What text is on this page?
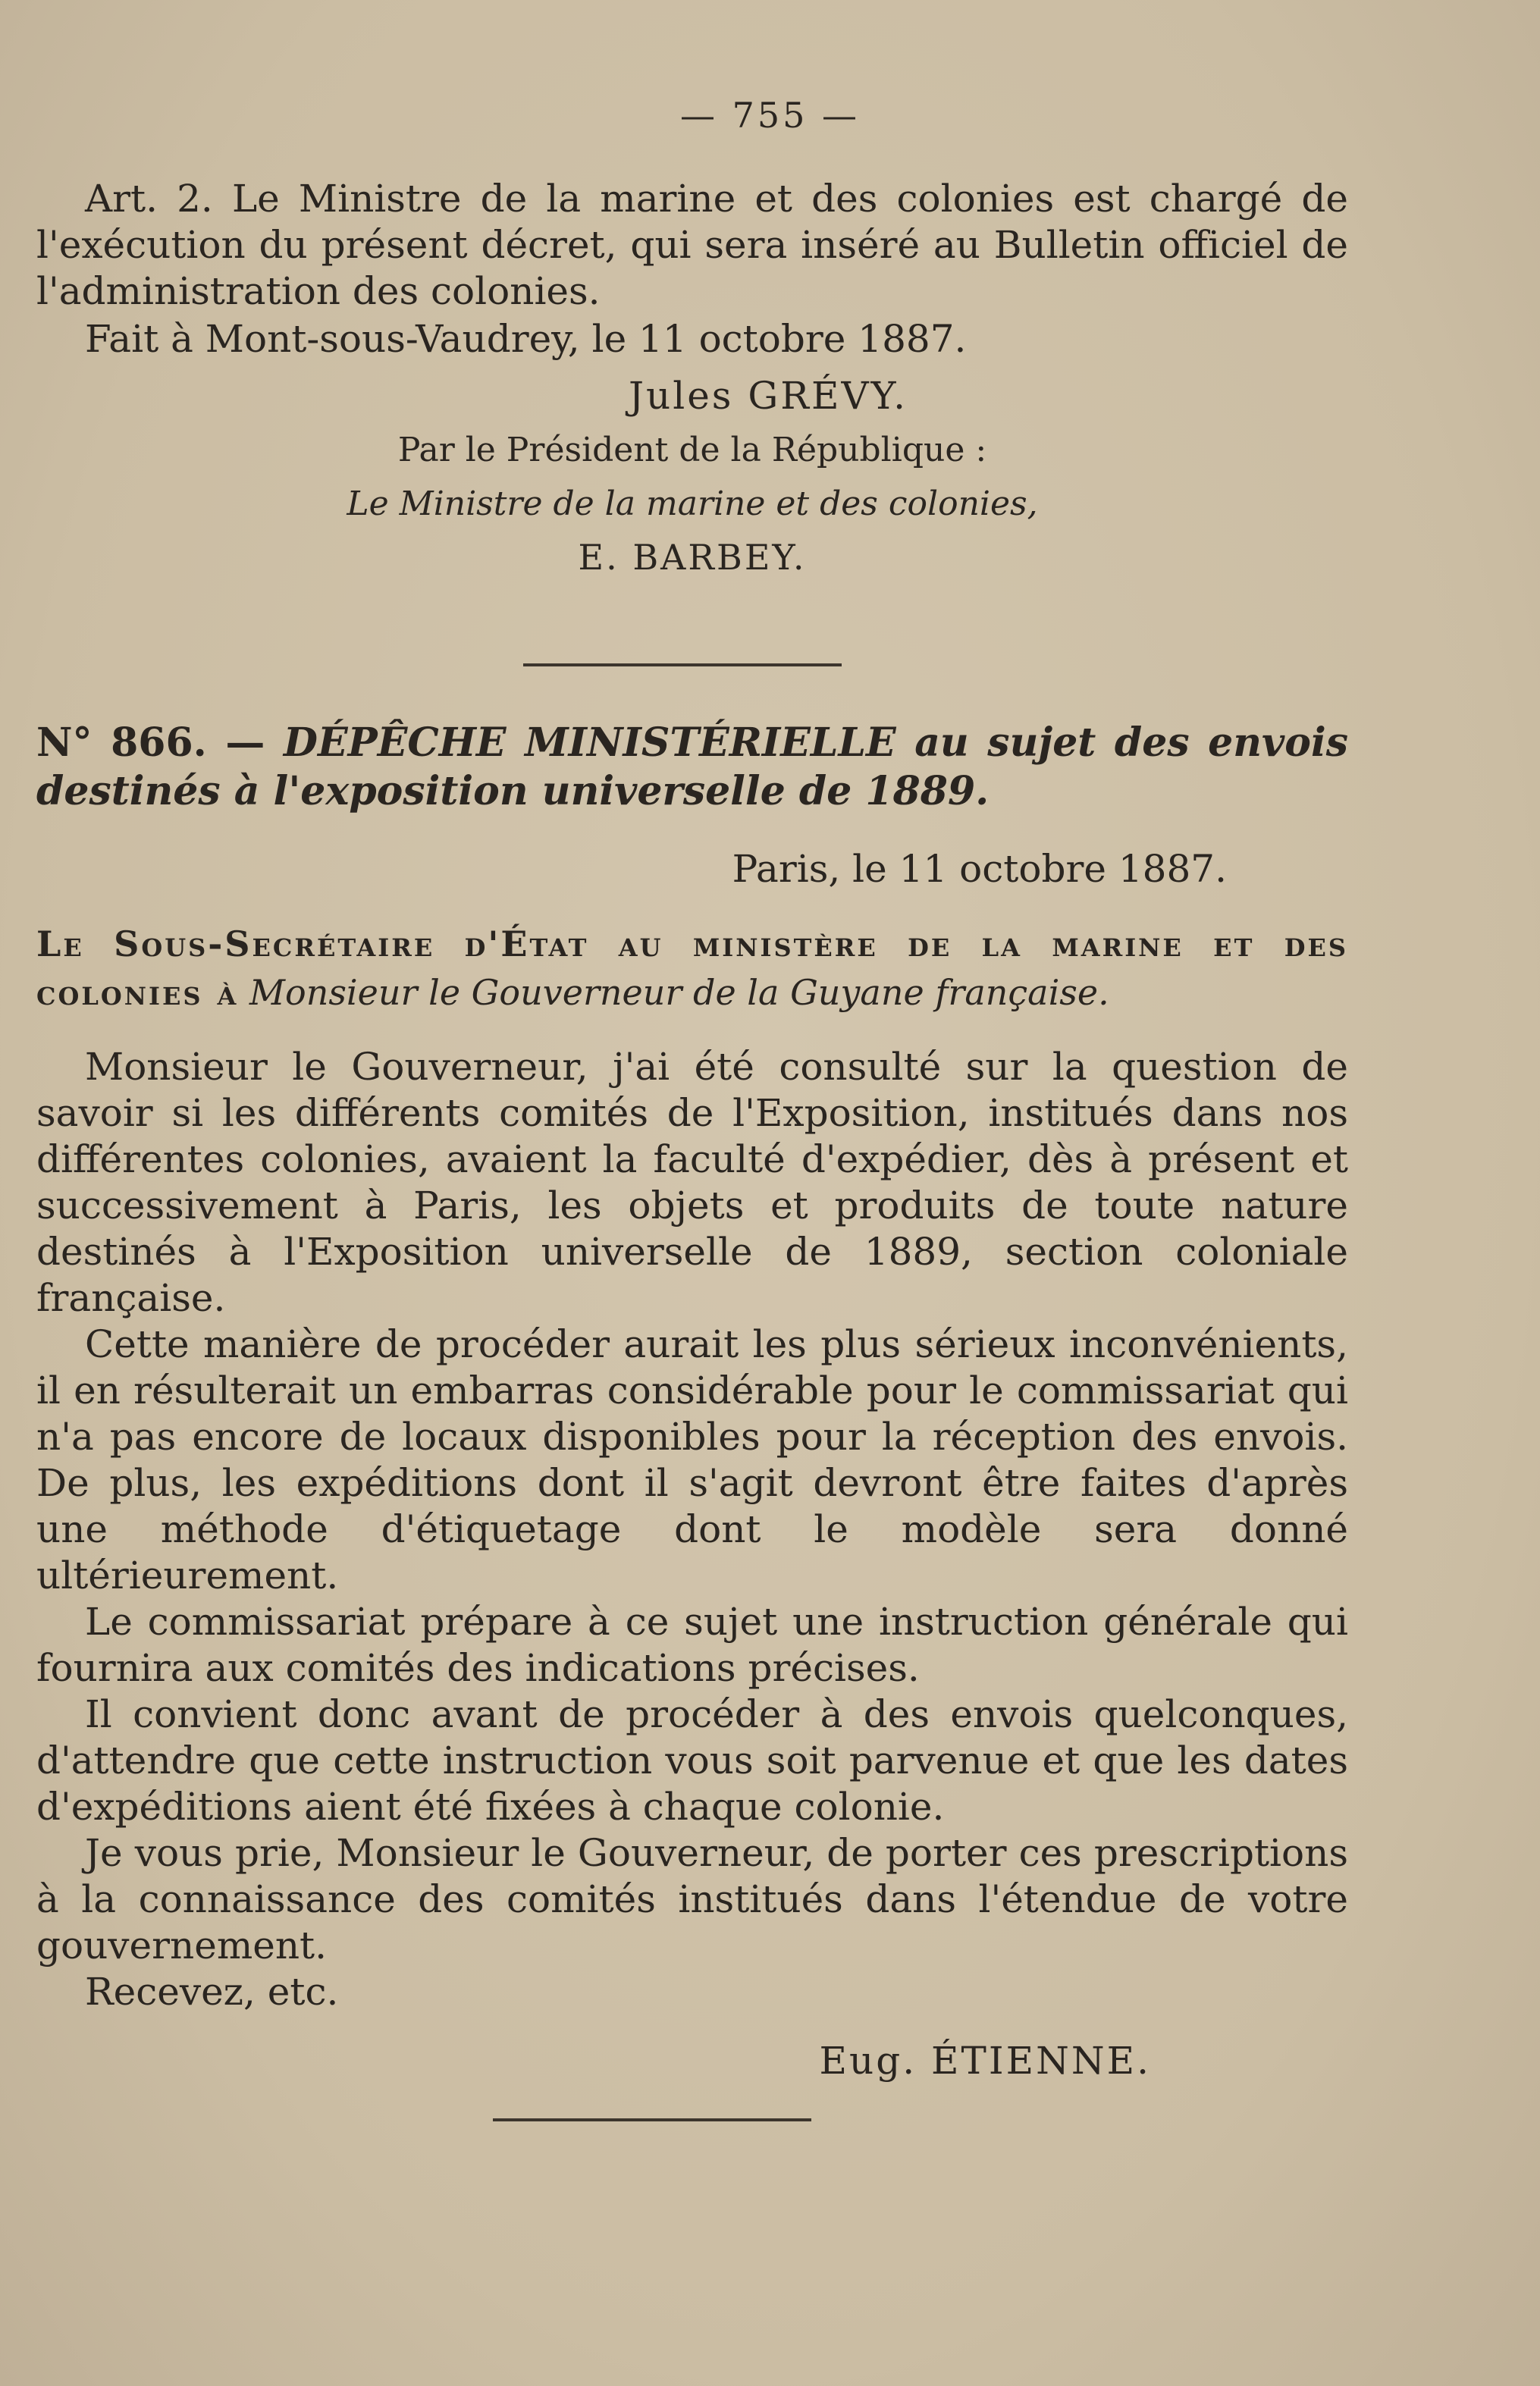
— 755 —

Art. 2. Le Ministre de la marine et des colonies est chargé de l'exécution du présent décret, qui sera inséré au Bulletin officiel de l'administration des colonies.

Fait à Mont-sous-Vaudrey, le 11 octobre 1887.

Jules GRÉVY.

Par le Président de la République :

Le Ministre de la marine et des colonies,

E. BARBEY.

N° 866. — DÉPÊCHE MINISTÉRIELLE au sujet des envois destinés à l'exposition universelle de 1889.

Paris, le 11 octobre 1887.

Le Sous-Secrétaire d'État au ministère de la marine et des colonies à Monsieur le Gouverneur de la Guyane française.

Monsieur le Gouverneur, j'ai été consulté sur la question de savoir si les différents comités de l'Exposition, institués dans nos différentes colonies, avaient la faculté d'expédier, dès à présent et successivement à Paris, les objets et produits de toute nature destinés à l'Exposition universelle de 1889, section coloniale française.

Cette manière de procéder aurait les plus sérieux inconvénients, il en résulterait un embarras considérable pour le commissariat qui n'a pas encore de locaux disponibles pour la réception des envois. De plus, les expéditions dont il s'agit devront être faites d'après une méthode d'étiquetage dont le modèle sera donné ultérieurement.

Le commissariat prépare à ce sujet une instruction générale qui fournira aux comités des indications précises.

Il convient donc avant de procéder à des envois quelconques, d'attendre que cette instruction vous soit parvenue et que les dates d'expéditions aient été fixées à chaque colonie.

Je vous prie, Monsieur le Gouverneur, de porter ces prescriptions à la connaissance des comités institués dans l'étendue de votre gouvernement.

Recevez, etc.

Eug. ÉTIENNE.
